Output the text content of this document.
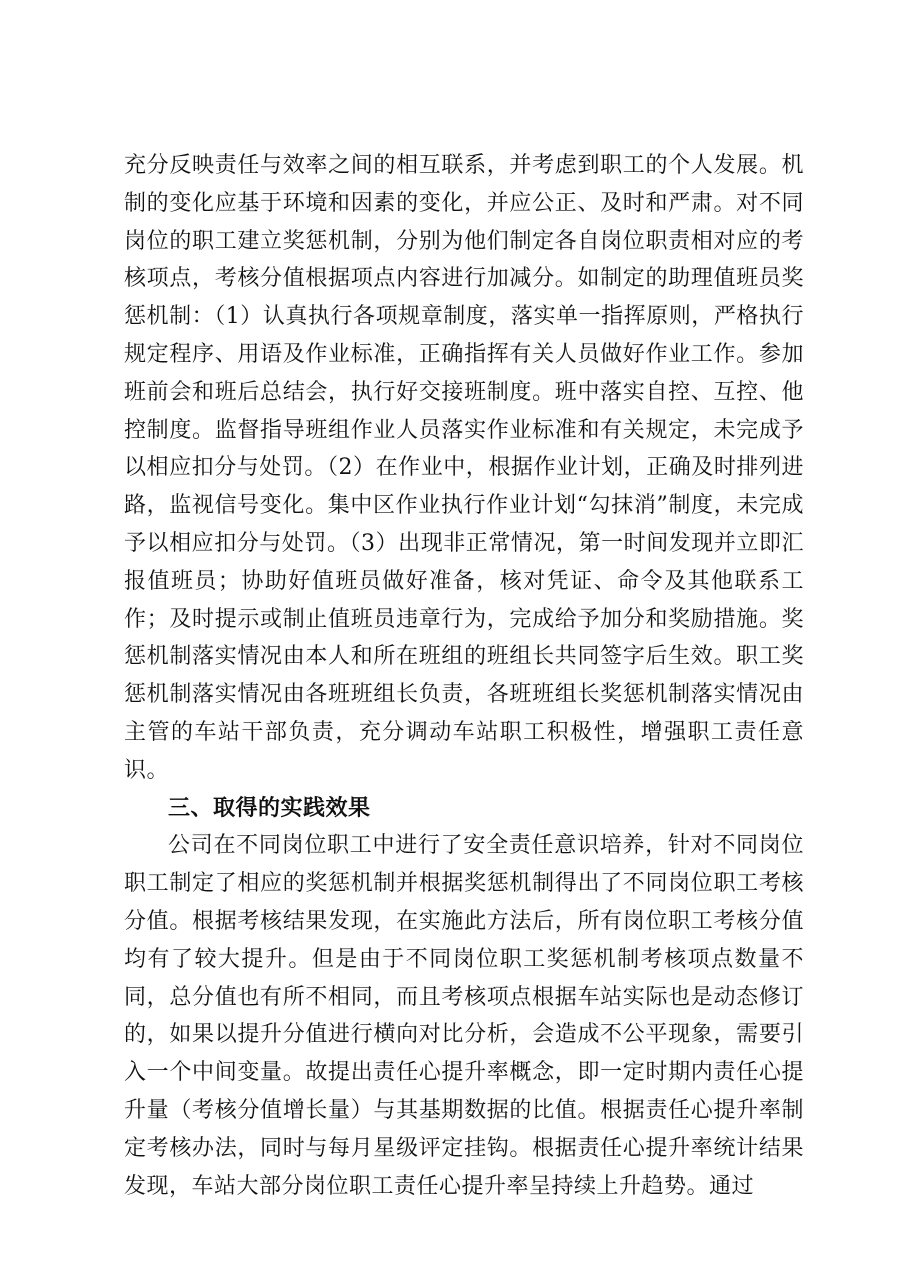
充分反映责任与效率之间的相互联系，并考虑到职工的个人发展。机制的变化应基于环境和因素的变化，并应公正、及时和严肃。对不同岗位的职工建立奖惩机制，分别为他们制定各自岗位职责相对应的考核项点，考核分值根据项点内容进行加减分。如制定的助理值班员奖惩机制：（1）认真执行各项规章制度，落实单一指挥原则，严格执行规定程序、用语及作业标准，正确指挥有关人员做好作业工作。参加班前会和班后总结会，执行好交接班制度。班中落实自控、互控、他控制度。监督指导班组作业人员落实作业标准和有关规定，未完成予以相应扣分与处罚。（2）在作业中，根据作业计划，正确及时排列进路，监视信号变化。集中区作业执行作业计划“勾抹消”制度，未完成予以相应扣分与处罚。（3）出现非正常情况，第一时间发现并立即汇报值班员；协助好值班员做好准备，核对凭证、命令及其他联系工作；及时提示或制止值班员违章行为，完成给予加分和奖励措施。奖惩机制落实情况由本人和所在班组的班组长共同签字后生效。职工奖惩机制落实情况由各班班组长负责，各班班组长奖惩机制落实情况由主管的车站干部负责，充分调动车站职工积极性，增强职工责任意识。

三、取得的实践效果

公司在不同岗位职工中进行了安全责任意识培养，针对不同岗位职工制定了相应的奖惩机制并根据奖惩机制得出了不同岗位职工考核分值。根据考核结果发现，在实施此方法后，所有岗位职工考核分值均有了较大提升。但是由于不同岗位职工奖惩机制考核项点数量不同，总分值也有所不相同，而且考核项点根据车站实际也是动态修订的，如果以提升分值进行横向对比分析，会造成不公平现象，需要引入一个中间变量。故提出责任心提升率概念，即一定时期内责任心提升量（考核分值增长量）与其基期数据的比值。根据责任心提升率制定考核办法，同时与每月星级评定挂钩。根据责任心提升率统计结果发现，车站大部分岗位职工责任心提升率呈持续上升趋势。通过
